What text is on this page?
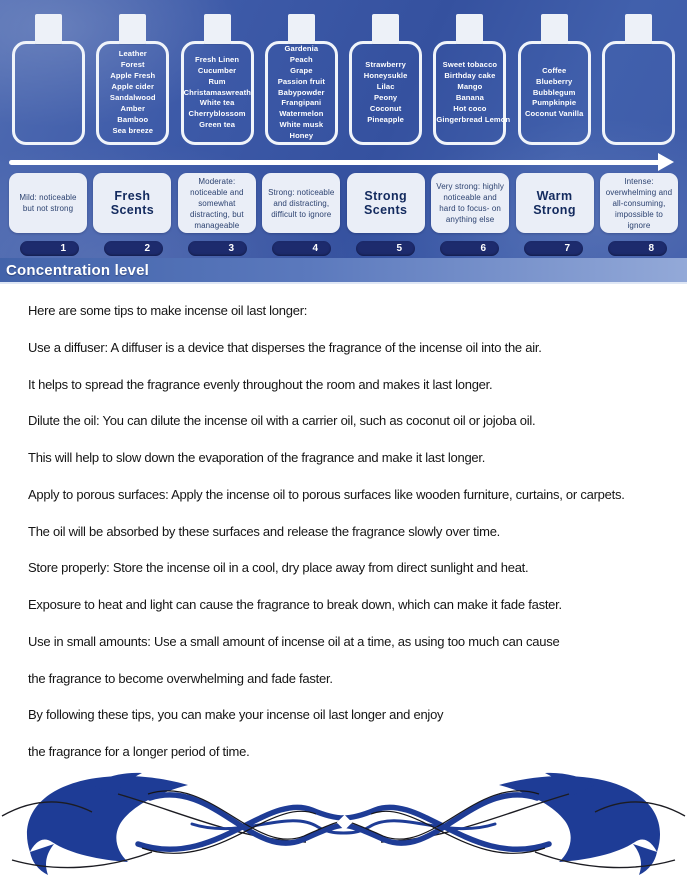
Leather
Forest
Apple Fresh
Apple cider
Sandalwood
Amber
Bamboo
Sea breeze
Fresh Linen
Cucumber
Rum
Christamaswreath
White tea
Cherryblossom
Green tea
Gardenia
Peach
Grape
Passion fruit
Babypowder
Frangipani
Watermelon
White musk
Honey
Strawberry
Honeysukle
Lilac
Peony
Coconut
Pineapple
Sweet tobacco
Birthday cake
Mango
Banana
Hot coco
Gingerbread Lemon
Coffee
Blueberry
Bubblegum
Pumpkinpie
Coconut Vanilla
Mild: noticeable but not strong
Fresh Scents
Moderate: noticeable and somewhat distracting, but manageable
Strong: noticeable and distracting, difficult to ignore
Strong Scents
Very strong: highly noticeable and hard to focus- on anything else
Warm Strong
Intense: overwhelming and all-consuming, impossible to ignore
1	2	3	4	5	6	7	8
Concentration level

Here are some tips to make incense oil last longer:

Use a diffuser: A diffuser is a device that disperses the fragrance of the incense oil into the air.

It helps to spread the fragrance evenly throughout the room and makes it last longer.

Dilute the oil: You can dilute the incense oil with a carrier oil, such as coconut oil or jojoba oil.

This will help to slow down the evaporation of the fragrance and make it last longer.

Apply to porous surfaces: Apply the incense oil to porous surfaces like wooden furniture, curtains, or carpets.

The oil will be absorbed by these surfaces and release the fragrance slowly over time.

Store properly: Store the incense oil in a cool, dry place away from direct sunlight and heat.

Exposure to heat and light can cause the fragrance to break down, which can make it fade faster.

Use in small amounts: Use a small amount of incense oil at a time, as using too much can cause

the fragrance to become overwhelming and fade faster.

By following these tips, you can make your incense oil last longer and enjoy

the fragrance for a longer period of time.
